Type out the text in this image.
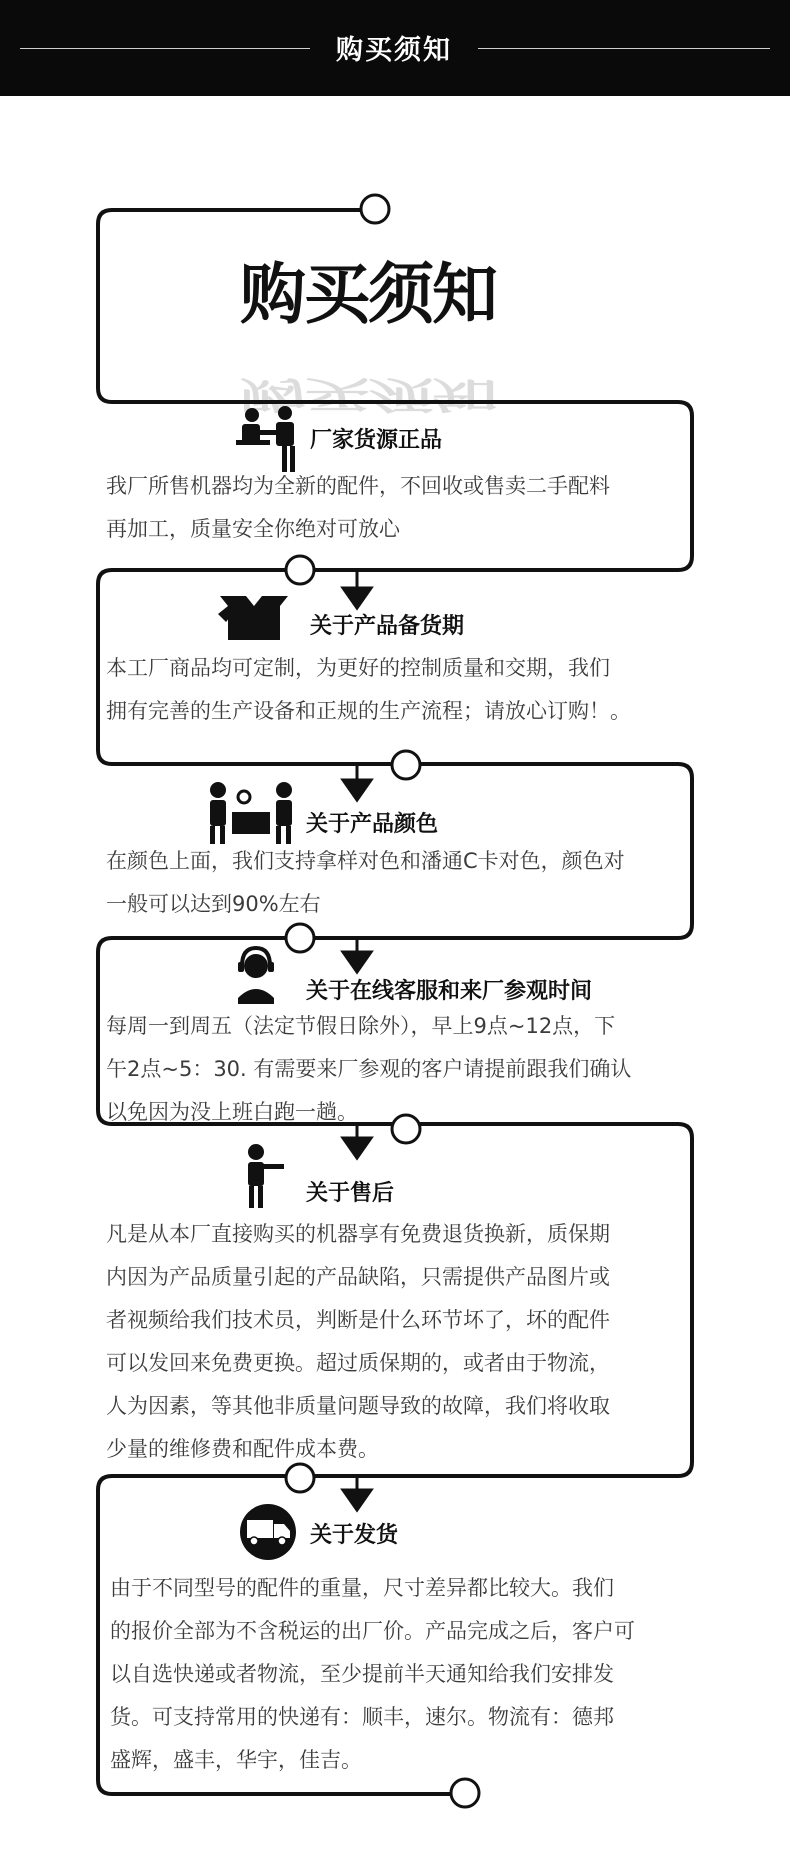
购买须知
购买须知
购买须知
厂家货源正品
我厂所售机器均为全新的配件，不回收或售卖二手配料
再加工，质量安全你绝对可放心
关于产品备货期
本工厂商品均可定制，为更好的控制质量和交期，我们
拥有完善的生产设备和正规的生产流程；请放心订购！。
关于产品颜色
在颜色上面，我们支持拿样对色和潘通C卡对色，颜色对
一般可以达到90%左右
关于在线客服和来厂参观时间
每周一到周五（法定节假日除外），早上9点~12点，下
午2点~5：30. 有需要来厂参观的客户请提前跟我们确认
以免因为没上班白跑一趟。
关于售后
凡是从本厂直接购买的机器享有免费退货换新，质保期
内因为产品质量引起的产品缺陷，只需提供产品图片或
者视频给我们技术员，判断是什么环节坏了，坏的配件
可以发回来免费更换。超过质保期的，或者由于物流，
人为因素，等其他非质量问题导致的故障，我们将收取
少量的维修费和配件成本费。
关于发货
由于不同型号的配件的重量，尺寸差异都比较大。我们
的报价全部为不含税运的出厂价。产品完成之后，客户可
以自选快递或者物流，至少提前半天通知给我们安排发
货。可支持常用的快递有：顺丰，速尔。物流有：德邦
盛辉，盛丰，华宇，佳吉。
